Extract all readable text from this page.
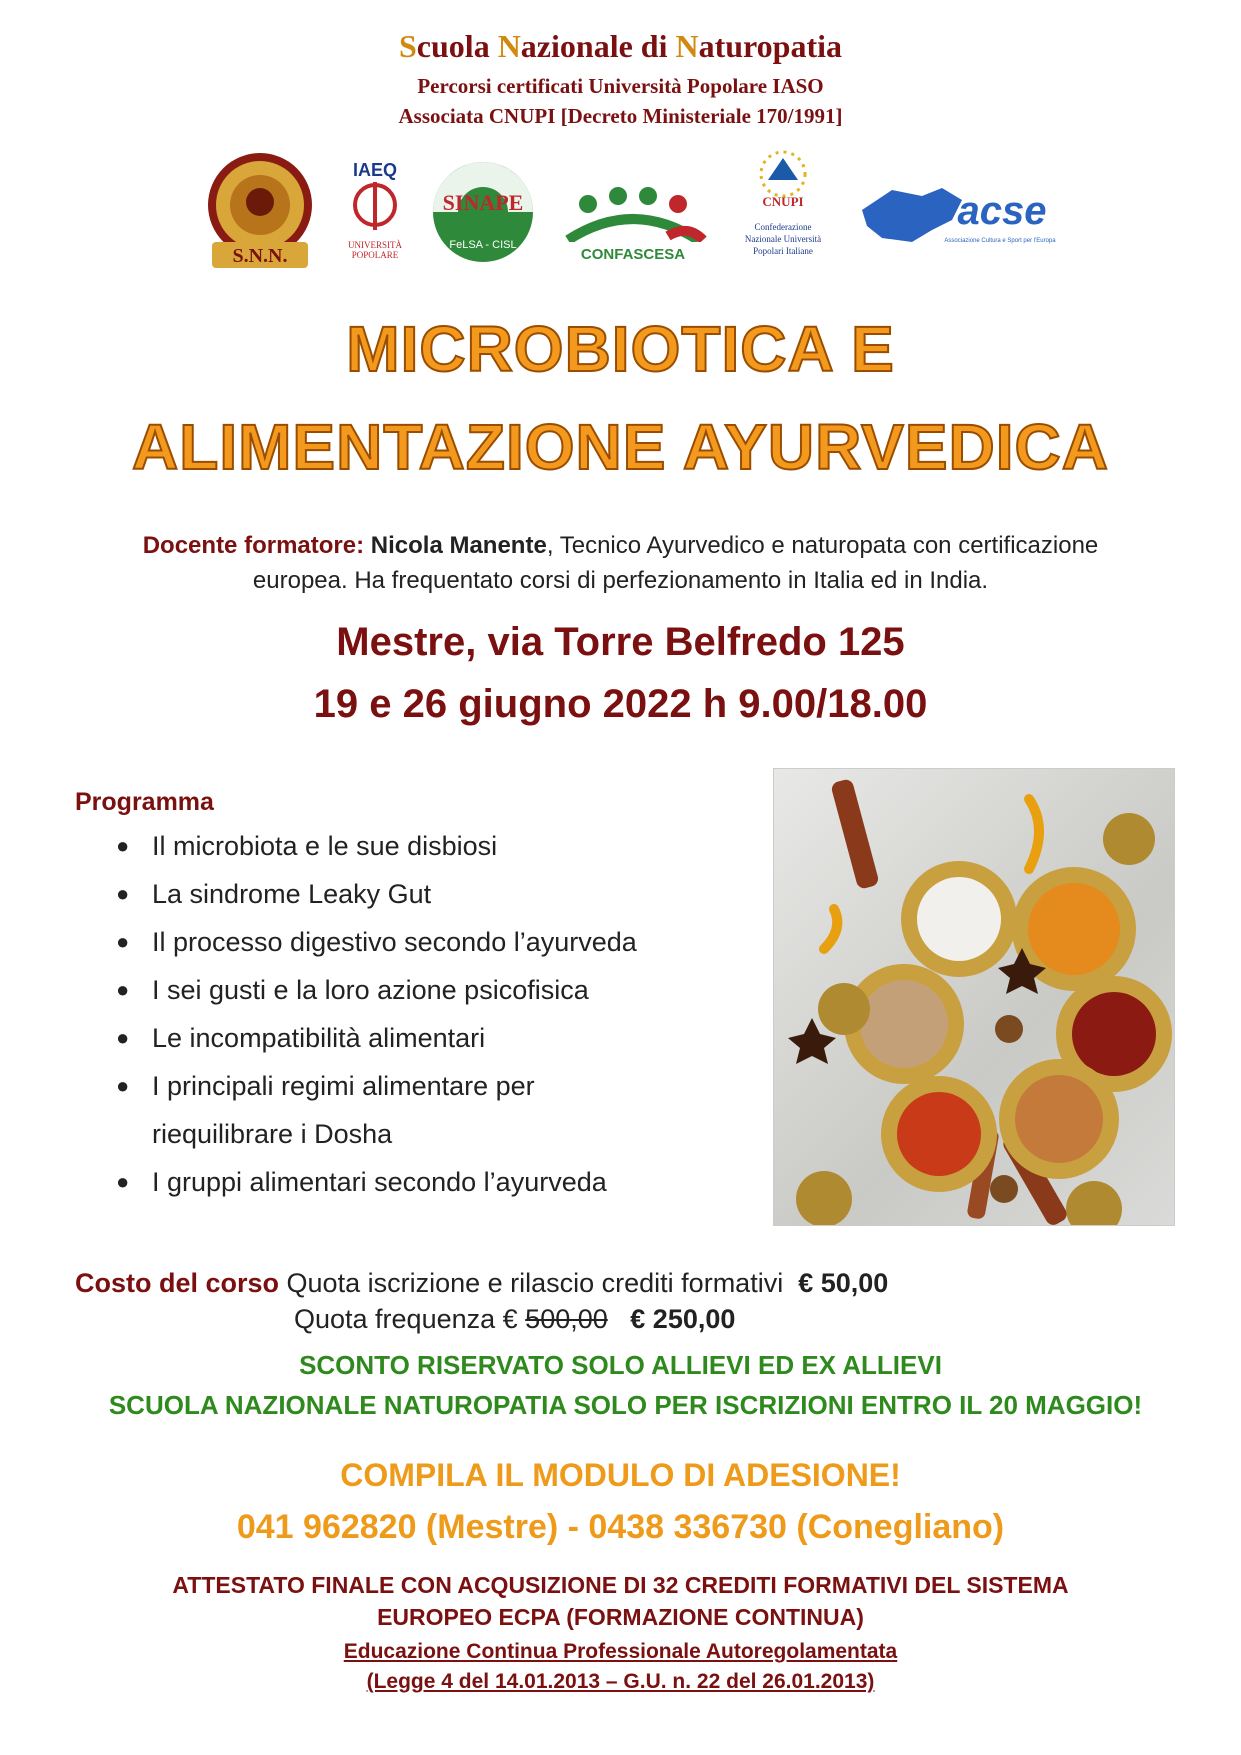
Scuola Nazionale di Naturopatia
Percorsi certificati Università Popolare IASO
Associata CNUPI [Decreto Ministeriale 170/1991]
S.N.N.
IAEQ
UNIVERSITÀ
POPOLARE
SINAPE
FeLSA - CISL
CONFASCESA
CNUPI
Confederazione
Nazionale Università
Popolari Italiane
acse
Associazione Cultura e Sport per l'Europa
MICROBIOTICA E
ALIMENTAZIONE AYURVEDICA
Docente formatore: Nicola Manente, Tecnico Ayurvedico e naturopata con certificazione
europea. Ha frequentato corsi di perfezionamento in Italia ed in India.
Mestre, via Torre Belfredo 125
19 e 26 giugno 2022 h 9.00/18.00
Programma
● Il microbiota e le sue disbiosi
● La sindrome Leaky Gut
● Il processo digestivo secondo l’ayurveda
● I sei gusti e la loro azione psicofisica
● Le incompatibilità alimentari
● I principali regimi alimentare per
riequilibrare i Dosha
● I gruppi alimentari secondo l’ayurveda
Costo del corso Quota iscrizione e rilascio crediti formativi € 50,00
Quota frequenza € 500,00 € 250,00
SCONTO RISERVATO SOLO ALLIEVI ED EX ALLIEVI
SCUOLA NAZIONALE NATUROPATIA SOLO PER ISCRIZIONI ENTRO IL 20 MAGGIO!
COMPILA IL MODULO DI ADESIONE!
041 962820 (Mestre) - 0438 336730 (Conegliano)
ATTESTATO FINALE CON ACQUSIZIONE DI 32 CREDITI FORMATIVI DEL SISTEMA
EUROPEO ECPA (FORMAZIONE CONTINUA)
Educazione Continua Professionale Autoregolamentata
(Legge 4 del 14.01.2013 – G.U. n. 22 del 26.01.2013)
